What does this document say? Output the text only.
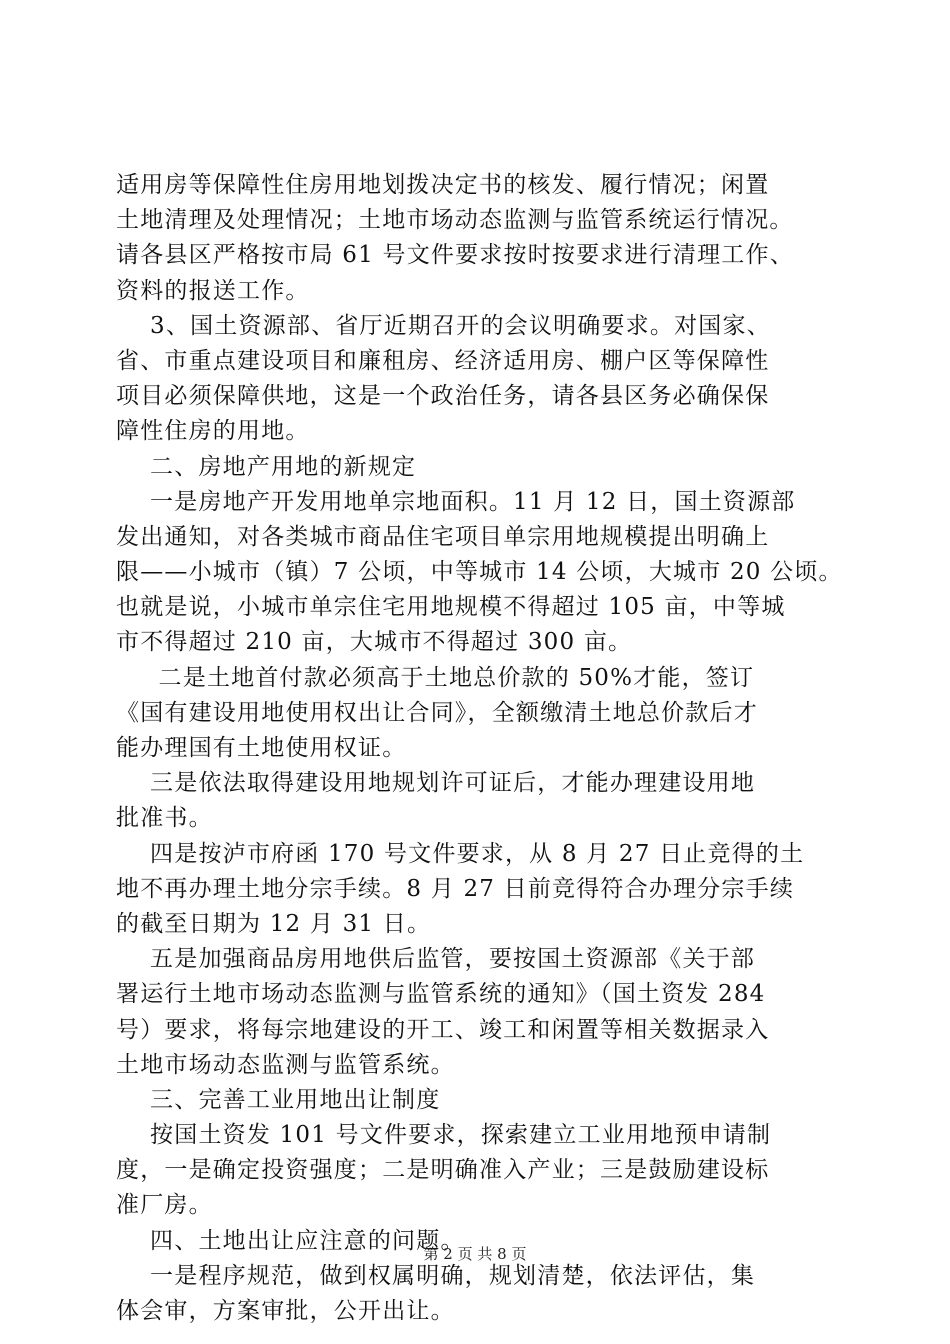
适用房等保障性住房用地划拨决定书的核发、履行情况；闲置
土地清理及处理情况；土地市场动态监测与监管系统运行情况。
请各县区严格按市局 61 号文件要求按时按要求进行清理工作、
资料的报送工作。
3、国土资源部、省厅近期召开的会议明确要求。对国家、
省、市重点建设项目和廉租房、经济适用房、棚户区等保障性
项目必须保障供地，这是一个政治任务，请各县区务必确保保
障性住房的用地。
二、房地产用地的新规定
一是房地产开发用地单宗地面积。11 月 12 日，国土资源部
发出通知，对各类城市商品住宅项目单宗用地规模提出明确上
限——小城市（镇）7 公顷，中等城市 14 公顷，大城市 20 公顷。
也就是说，小城市单宗住宅用地规模不得超过 105 亩，中等城
市不得超过 210 亩，大城市不得超过 300 亩。
二是土地首付款必须高于土地总价款的 50%才能，签订
《国有建设用地使用权出让合同》，全额缴清土地总价款后才
能办理国有土地使用权证。
三是依法取得建设用地规划许可证后，才能办理建设用地
批准书。
四是按泸市府函 170 号文件要求，从 8 月 27 日止竞得的土
地不再办理土地分宗手续。8 月 27 日前竞得符合办理分宗手续
的截至日期为 12 月 31 日。
五是加强商品房用地供后监管，要按国土资源部《关于部
署运行土地市场动态监测与监管系统的通知》（国土资发 284
号）要求，将每宗地建设的开工、竣工和闲置等相关数据录入
土地市场动态监测与监管系统。
三、完善工业用地出让制度
按国土资发 101 号文件要求，探索建立工业用地预申请制
度，一是确定投资强度；二是明确准入产业；三是鼓励建设标
准厂房。
四、土地出让应注意的问题。
一是程序规范，做到权属明确，规划清楚，依法评估，集
体会审，方案审批，公开出让。
第 2 页 共 8 页
